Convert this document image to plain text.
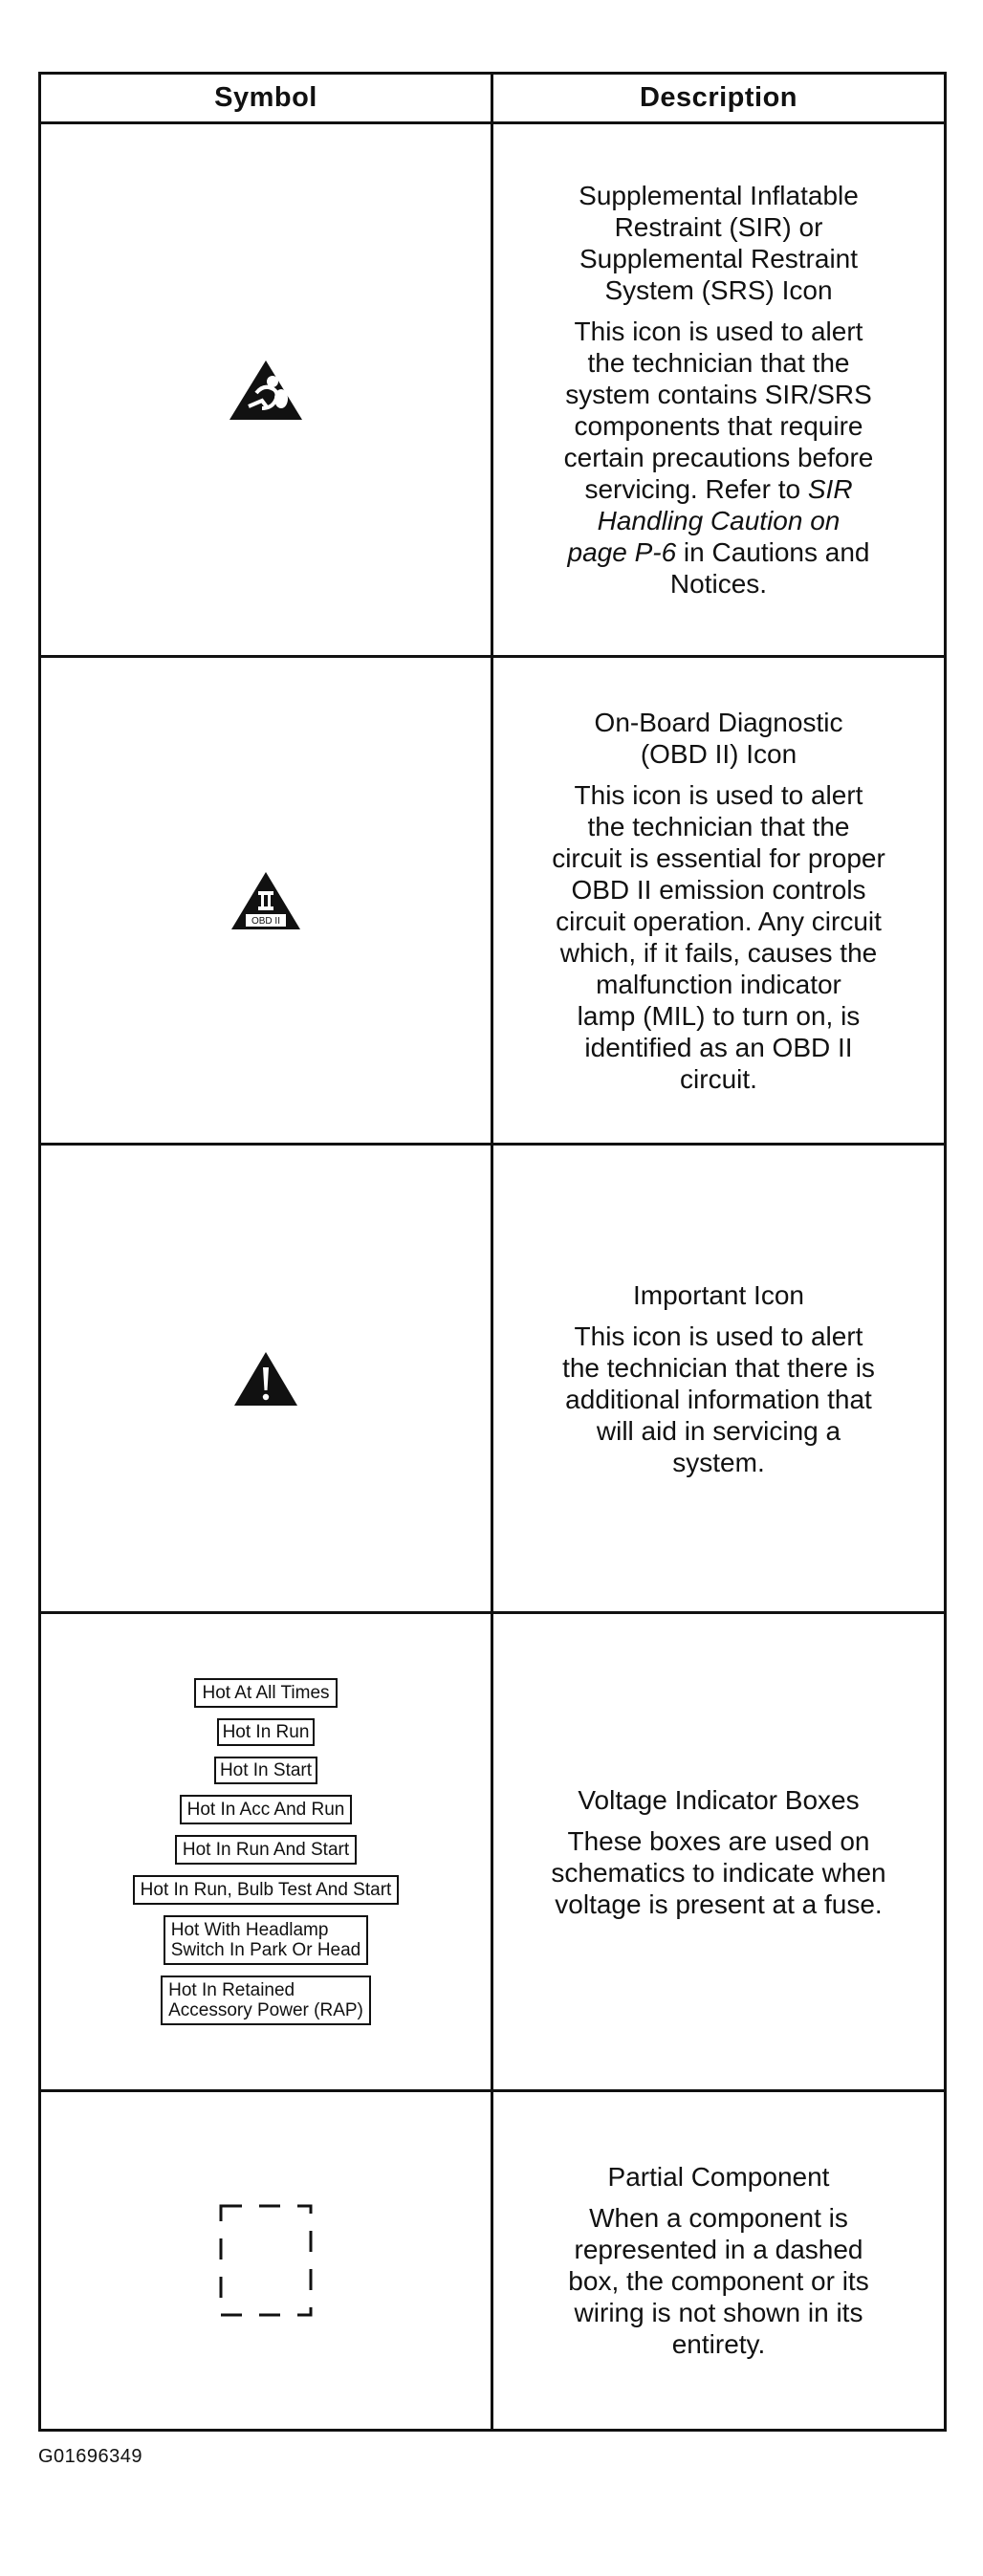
Symbol	Description

Supplemental Inflatable
Restraint (SIR) or
Supplemental Restraint
System (SRS) Icon

This icon is used to alert
the technician that the
system contains SIR/SRS
components that require
certain precautions before
servicing. Refer to SIR
Handling Caution on
page P-6 in Cautions and
Notices.

OBD II

On-Board Diagnostic
(OBD II) Icon

This icon is used to alert
the technician that the
circuit is essential for proper
OBD II emission controls
circuit operation. Any circuit
which, if it fails, causes the
malfunction indicator
lamp (MIL) to turn on, is
identified as an OBD II
circuit.

Important Icon

This icon is used to alert
the technician that there is
additional information that
will aid in servicing a
system.

Hot At All Times
Hot In Run
Hot In Start
Hot In Acc And Run
Hot In Run And Start
Hot In Run, Bulb Test And Start
Hot With Headlamp
Switch In Park Or Head
Hot In Retained
Accessory Power (RAP)

Voltage Indicator Boxes

These boxes are used on
schematics to indicate when
voltage is present at a fuse.

Partial Component

When a component is
represented in a dashed
box, the component or its
wiring is not shown in its
entirety.

G01696349
